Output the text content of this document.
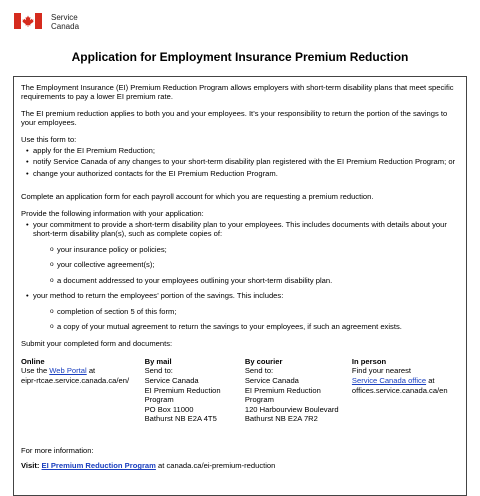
Service
Canada
Application for Employment Insurance Premium Reduction

The Employment Insurance (EI) Premium Reduction Program allows employers with short-term disability plans that meet specific requirements to pay a lower EI premium rate.

The EI premium reduction applies to both you and your employees. It’s your responsibility to return the portion of the savings to your employees.

Use this form to:

• apply for the EI Premium Reduction;
• notify Service Canada of any changes to your short-term disability plan registered with the EI Premium Reduction Program; or
• change your authorized contacts for the EI Premium Reduction Program.

Complete an application form for each payroll account for which you are requesting a premium reduction.

Provide the following information with your application:

• your commitment to provide a short-term disability plan to your employees. This includes documents with details about your short-term disability plan(s), such as complete copies of:
o your insurance policy or policies;
o your collective agreement(s);
o a document addressed to your employees outlining your short-term disability plan.
• your method to return the employees’ portion of the savings. This includes:
o completion of section 5 of this form;
o a copy of your mutual agreement to return the savings to your employees, if such an agreement exists.

Submit your completed form and documents:

Online
Use the Web Portal at
eipr-rtcae.service.canada.ca/en/
By mail
Send to:
Service Canada
EI Premium Reduction
Program
PO Box 11000
Bathurst NB E2A 4T5
By courier
Send to:
Service Canada
EI Premium Reduction
Program
120 Harbourview Boulevard
Bathurst NB E2A 7R2
In person
Find your nearest
Service Canada office at
offices.service.canada.ca/en

For more information:

Visit: EI Premium Reduction Program at canada.ca/ei-premium-reduction
